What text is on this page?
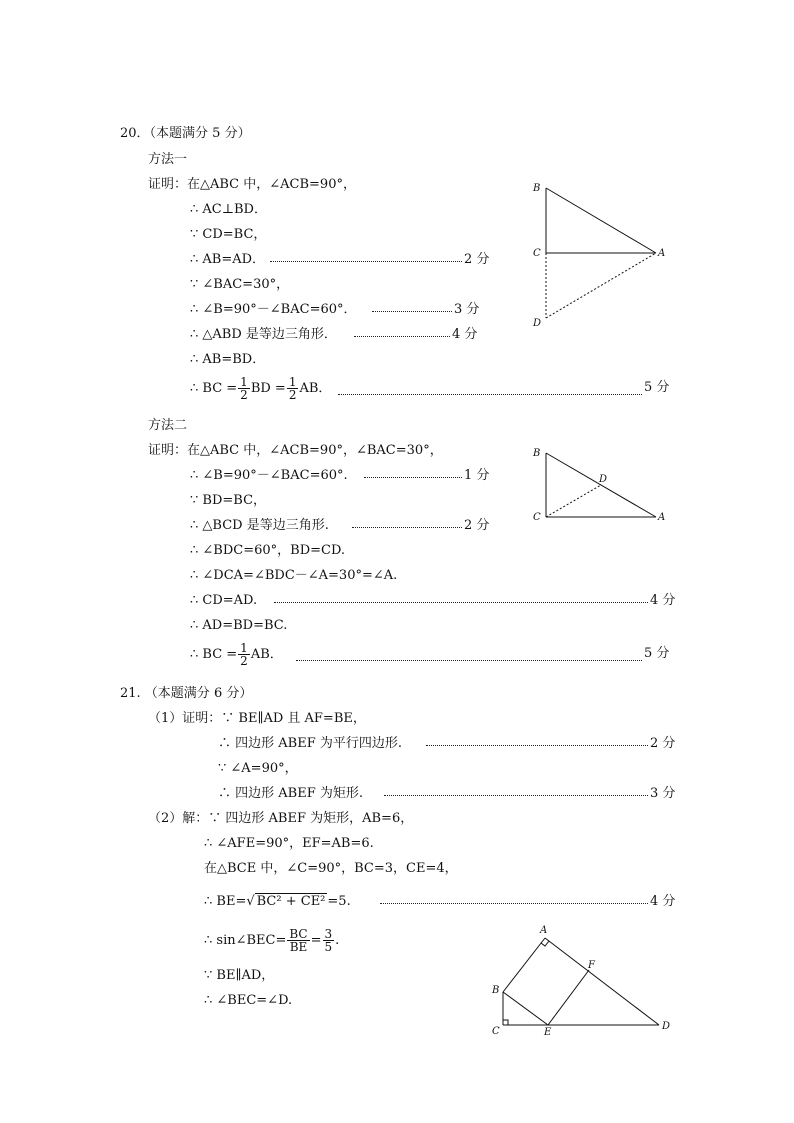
20．（本题满分 5 分）
方法一
证明：在△ABC 中，∠ACB=90°，
∴ AC⊥BD．
∵ CD=BC，
∴ AB=AD．	2 分
∵ ∠BAC=30°，
∴ ∠B=90°－∠BAC=60°．	3 分
∴ △ABD 是等边三角形．	4 分
∴ AB=BD．
∴ BC = $\frac{1}{2}$ BD = $\frac{1}{2}$ AB．	5 分
B
C	A
D
方法二
证明：在△ABC 中，∠ACB=90°，∠BAC=30°，
∴ ∠B=90°－∠BAC=60°.	1 分
∵ BD=BC，
∴ △BCD 是等边三角形.	2 分
∴ ∠BDC=60°，BD=CD.
∴ ∠DCA=∠BDC－∠A=30°=∠A.
∴ CD=AD.	4 分
∴ AD=BD=BC.
∴ BC = $\frac{1}{2}$ AB．	5 分
B
D
C	A
21. （本题满分 6 分）
（1）证明：∵ BE∥AD 且 AF=BE，
∴ 四边形 ABEF 为平行四边形.	2 分
∵ ∠A=90°，
∴ 四边形 ABEF 为矩形.	3 分
（2）解：∵ 四边形 ABEF 为矩形，AB=6，
∴ ∠AFE=90°，EF=AB=6.
在△BCE 中，∠C=90°，BC=3，CE=4，
∴ BE=√ BC² + CE² =5.	4 分
∴ sin∠BEC= $\frac{BC}{BE} = \frac{3}{5}$ .
∵ BE∥AD，
∴ ∠BEC=∠D.
A
F
B
C	E
D
